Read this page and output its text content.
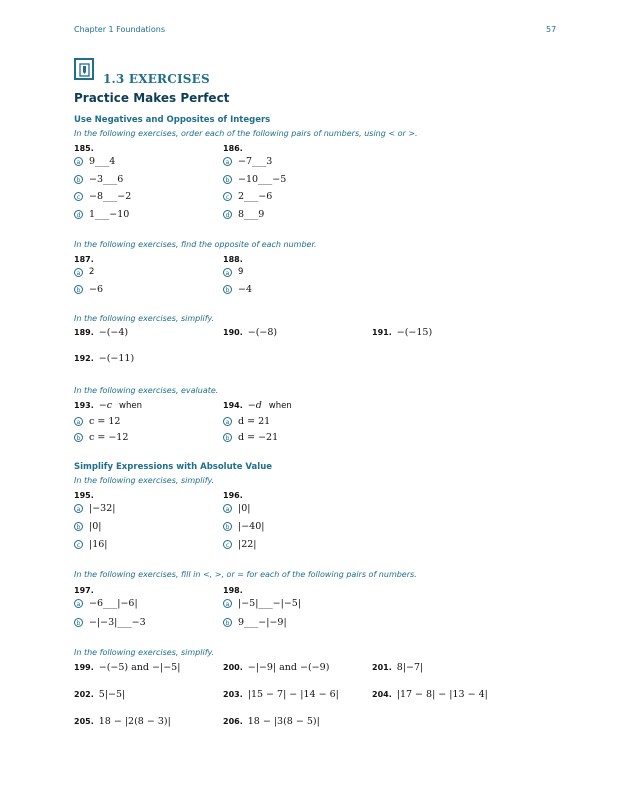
Chapter 1 Foundations	57
1.3 EXERCISES
Practice Makes Perfect
Use Negatives and Opposites of Integers
In the following exercises, order each of the following pairs of numbers, using < or >.
185.
a 9___4
b −3___6
c −8___−2
d 1___−10
186.
a −7___3
b −10___−5
c 2___−6
d 8___9
In the following exercises, find the opposite of each number.
187.
a	2
b −6
188.
a	9
b −4
In the following exercises, simplify.
189. −(−4)	190. −(−8)	191. −(−15)
192. −(−11)
In the following exercises, evaluate.
193. −c when
a c = 12
b c = −12
194. −d when
a d = 21
b d = −21
Simplify Expressions with Absolute Value
In the following exercises, simplify.
195.
a |−32|
b |0|
c |16|
196.
a |0|
b |−40|
c |22|
In the following exercises, fill in <, >, or = for each of the following pairs of numbers.
197.
a −6___|−6|
b −|−3|___−3
198.
a |−5|___−|−5|
b 9___−|−9|
In the following exercises, simplify.
199. −(−5) and −|−5|	200. −|−9| and −(−9)	201. 8|−7|
202. 5|−5|	203. |15 − 7| − |14 − 6|	204. |17 − 8| − |13 − 4|
205. 18 − |2(8 − 3)|	206. 18 − |3(8 − 5)|
